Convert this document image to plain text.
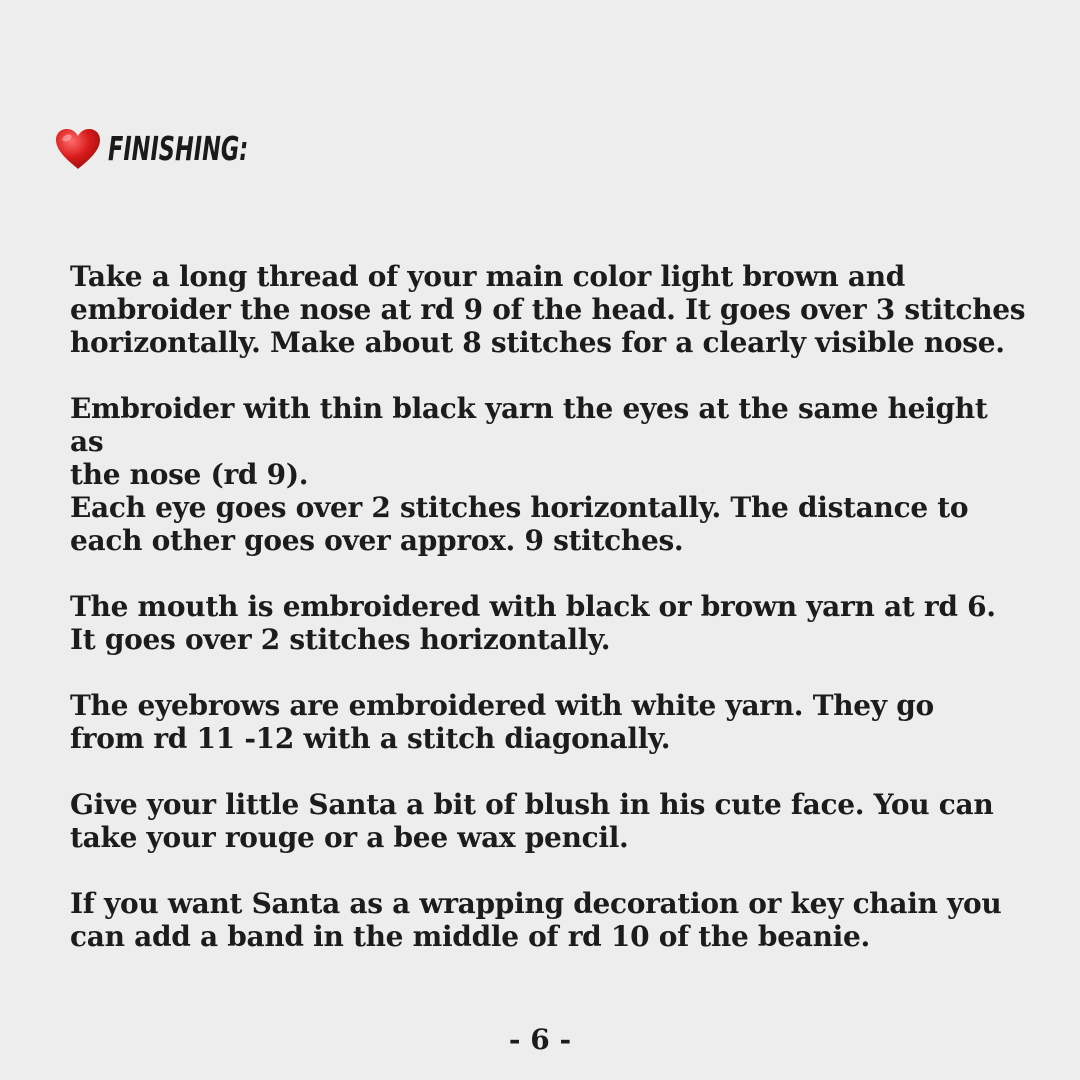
FINISHING:

Take a long thread of your main color light brown and
embroider the nose at rd 9 of the head. It goes over 3 stitches
horizontally. Make about 8 stitches for a clearly visible nose.

Embroider with thin black yarn the eyes at the same height as
the nose (rd 9).
Each eye goes over 2 stitches horizontally. The distance to
each other goes over approx. 9 stitches.

The mouth is embroidered with black or brown yarn at rd 6.
It goes over 2 stitches horizontally.

The eyebrows are embroidered with white yarn. They go
from rd 11 -12 with a stitch diagonally.

Give your little Santa a bit of blush in his cute face. You can
take your rouge or a bee wax pencil.

If you want Santa as a wrapping decoration or key chain you
can add a band in the middle of rd 10 of the beanie.

- 6 -
